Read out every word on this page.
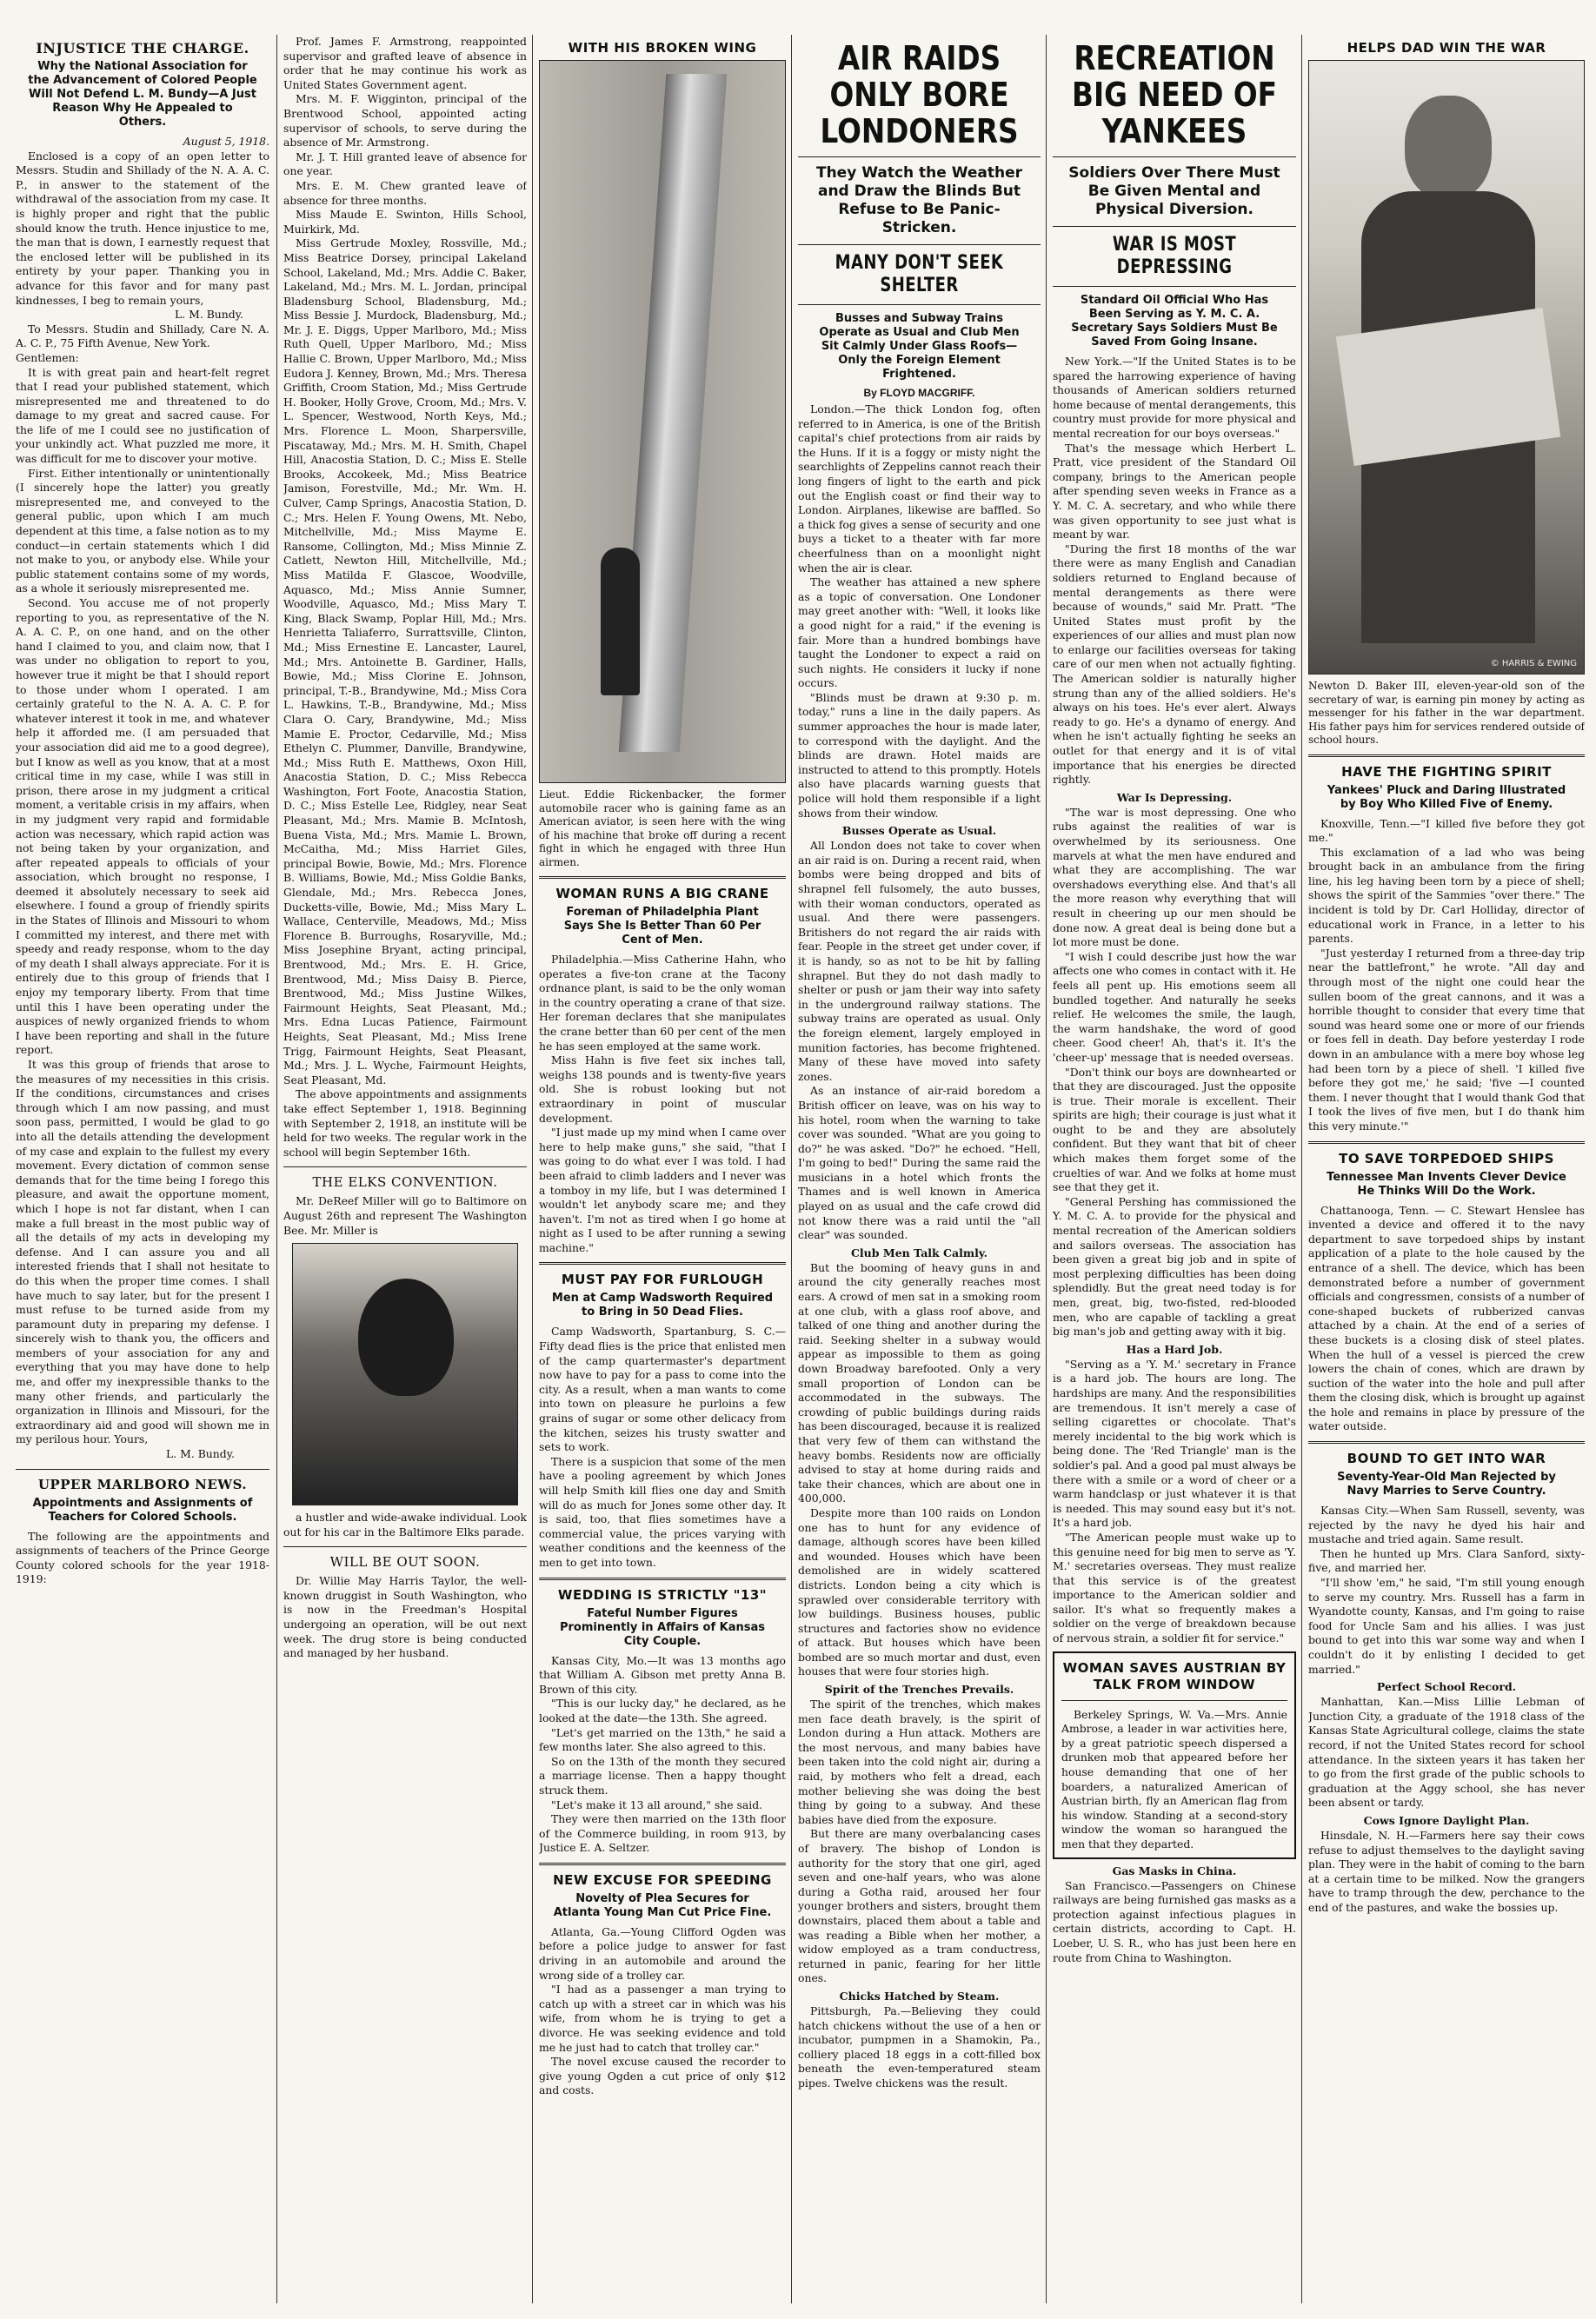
INJUSTICE THE CHARGE.
Why the National Association for the Advancement of Colored People Will Not Defend L. M. Bundy—A Just Reason Why He Appealed to Others.
August 5, 1918.

Enclosed is a copy of an open letter to Messrs. Studin and Shillady of the N. A. A. C. P., in answer to the statement of the withdrawal of the association from my case. It is highly proper and right that the public should know the truth. Hence injustice to me, the man that is down, I earnestly request that the enclosed letter will be published in its entirety by your paper. Thanking you in advance for this favor and for many past kindnesses, I beg to remain yours,

L. M. Bundy.

To Messrs. Studin and Shillady, Care N. A. A. C. P., 75 Fifth Avenue, New York.

Gentlemen:

It is with great pain and heart-felt regret that I read your published statement, which misrepresented me and threatened to do damage to my great and sacred cause. For the life of me I could see no justification of your unkindly act. What puzzled me more, it was difficult for me to discover your motive.

First. Either intentionally or unintentionally (I sincerely hope the latter) you greatly misrepresented me, and conveyed to the general public, upon which I am much dependent at this time, a false notion as to my conduct—in certain statements which I did not make to you, or anybody else. While your public statement contains some of my words, as a whole it seriously misrepresented me.

Second. You accuse me of not properly reporting to you, as representative of the N. A. A. C. P., on one hand, and on the other hand I claimed to you, and claim now, that I was under no obligation to report to you, however true it might be that I should report to those under whom I operated. I am certainly grateful to the N. A. A. C. P. for whatever interest it took in me, and whatever help it afforded me. (I am persuaded that your association did aid me to a good degree), but I know as well as you know, that at a most critical time in my case, while I was still in prison, there arose in my judgment a critical moment, a veritable crisis in my affairs, when in my judgment very rapid and formidable action was necessary, which rapid action was not being taken by your organization, and after repeated appeals to officials of your association, which brought no response, I deemed it absolutely necessary to seek aid elsewhere. I found a group of friendly spirits in the States of Illinois and Missouri to whom I committed my interest, and there met with speedy and ready response, whom to the day of my death I shall always appreciate. For it is entirely due to this group of friends that I enjoy my temporary liberty. From that time until this I have been operating under the auspices of newly organized friends to whom I have been reporting and shall in the future report.

It was this group of friends that arose to the measures of my necessities in this crisis. If the conditions, circumstances and crises through which I am now passing, and must soon pass, permitted, I would be glad to go into all the details attending the development of my case and explain to the fullest my every movement. Every dictation of common sense demands that for the time being I forego this pleasure, and await the opportune moment, which I hope is not far distant, when I can make a full breast in the most public way of all the details of my acts in developing my defense. And I can assure you and all interested friends that I shall not hesitate to do this when the proper time comes. I shall have much to say later, but for the present I must refuse to be turned aside from my paramount duty in preparing my defense. I sincerely wish to thank you, the officers and members of your association for any and everything that you may have done to help me, and offer my inexpressible thanks to the many other friends, and particularly the organization in Illinois and Missouri, for the extraordinary aid and good will shown me in my perilous hour. Yours,

L. M. Bundy.
UPPER MARLBORO NEWS.
Appointments and Assignments of Teachers for Colored Schools.

The following are the appointments and assignments of teachers of the Prince George County colored schools for the year 1918-1919:

Prof. James F. Armstrong, reappointed supervisor and grafted leave of absence in order that he may continue his work as United States Government agent.

Mrs. M. F. Wigginton, principal of the Brentwood School, appointed acting supervisor of schools, to serve during the absence of Mr. Armstrong.

Mr. J. T. Hill granted leave of absence for one year.

Mrs. E. M. Chew granted leave of absence for three months.

Miss Maude E. Swinton, Hills School, Muirkirk, Md.

Miss Gertrude Moxley, Rossville, Md.; Miss Beatrice Dorsey, principal Lakeland School, Lakeland, Md.; Mrs. Addie C. Baker, Lakeland, Md.; Mrs. M. L. Jordan, principal Bladensburg School, Bladensburg, Md.; Miss Bessie J. Murdock, Bladensburg, Md.; Mr. J. E. Diggs, Upper Marlboro, Md.; Miss Ruth Quell, Upper Marlboro, Md.; Miss Hallie C. Brown, Upper Marlboro, Md.; Miss Eudora J. Kenney, Brown, Md.; Mrs. Theresa Griffith, Croom Station, Md.; Miss Gertrude H. Booker, Holly Grove, Croom, Md.; Mrs. V. L. Spencer, Westwood, North Keys, Md.; Mrs. Florence L. Moon, Sharpersville, Piscataway, Md.; Mrs. M. H. Smith, Chapel Hill, Anacostia Station, D. C.; Miss E. Stelle Brooks, Accokeek, Md.; Miss Beatrice Jamison, Forestville, Md.; Mr. Wm. H. Culver, Camp Springs, Anacostia Station, D. C.; Mrs. Helen F. Young Owens, Mt. Nebo, Mitchellville, Md.; Miss Mayme E. Ransome, Collington, Md.; Miss Minnie Z. Catlett, Newton Hill, Mitchellville, Md.; Miss Matilda F. Glascoe, Woodville, Aquasco, Md.; Miss Annie Sumner, Woodville, Aquasco, Md.; Miss Mary T. King, Black Swamp, Poplar Hill, Md.; Mrs. Henrietta Taliaferro, Surrattsville, Clinton, Md.; Miss Ernestine E. Lancaster, Laurel, Md.; Mrs. Antoinette B. Gardiner, Halls, Bowie, Md.; Miss Clorine E. Johnson, principal, T.-B., Brandywine, Md.; Miss Cora L. Hawkins, T.-B., Brandywine, Md.; Miss Clara O. Cary, Brandywine, Md.; Miss Mamie E. Proctor, Cedarville, Md.; Miss Ethelyn C. Plummer, Danville, Brandywine, Md.; Miss Ruth E. Matthews, Oxon Hill, Anacostia Station, D. C.; Miss Rebecca Washington, Fort Foote, Anacostia Station, D. C.; Miss Estelle Lee, Ridgley, near Seat Pleasant, Md.; Mrs. Mamie B. McIntosh, Buena Vista, Md.; Mrs. Mamie L. Brown, McCaitha, Md.; Miss Harriet Giles, principal Bowie, Bowie, Md.; Mrs. Florence B. Williams, Bowie, Md.; Miss Goldie Banks, Glendale, Md.; Mrs. Rebecca Jones, Ducketts-ville, Bowie, Md.; Miss Mary L. Wallace, Centerville, Meadows, Md.; Miss Florence B. Burroughs, Rosaryville, Md.; Miss Josephine Bryant, acting principal, Brentwood, Md.; Mrs. E. H. Grice, Brentwood, Md.; Miss Daisy B. Pierce, Brentwood, Md.; Miss Justine Wilkes, Fairmount Heights, Seat Pleasant, Md.; Mrs. Edna Lucas Patience, Fairmount Heights, Seat Pleasant, Md.; Miss Irene Trigg, Fairmount Heights, Seat Pleasant, Md.; Mrs. J. L. Wyche, Fairmount Heights, Seat Pleasant, Md.

The above appointments and assignments take effect September 1, 1918. Beginning with September 2, 1918, an institute will be held for two weeks. The regular work in the school will begin September 16th.

THE ELKS CONVENTION.

Mr. DeReef Miller will go to Baltimore on August 26th and represent The Washington Bee. Mr. Miller is

a hustler and wide-awake individual. Look out for his car in the Baltimore Elks parade.

WILL BE OUT SOON.

Dr. Willie May Harris Taylor, the well-known druggist in South Washington, who is now in the Freedman's Hospital undergoing an operation, will be out next week. The drug store is being conducted and managed by her husband.

WITH HIS BROKEN WING
Lieut. Eddie Rickenbacker, the former automobile racer who is gaining fame as an American aviator, is seen here with the wing of his machine that broke off during a recent fight in which he engaged with three Hun airmen.
WOMAN RUNS A BIG CRANE
Foreman of Philadelphia Plant Says She Is Better Than 60 Per Cent of Men.

Philadelphia.—Miss Catherine Hahn, who operates a five-ton crane at the Tacony ordnance plant, is said to be the only woman in the country operating a crane of that size. Her foreman declares that she manipulates the crane better than 60 per cent of the men he has seen employed at the same work.

Miss Hahn is five feet six inches tall, weighs 138 pounds and is twenty-five years old. She is robust looking but not extraordinary in point of muscular development.

"I just made up my mind when I came over here to help make guns," she said, "that I was going to do what ever I was told. I had been afraid to climb ladders and I never was a tomboy in my life, but I was determined I wouldn't let anybody scare me; and they haven't. I'm not as tired when I go home at night as I used to be after running a sewing machine."

MUST PAY FOR FURLOUGH
Men at Camp Wadsworth Required to Bring in 50 Dead Flies.

Camp Wadsworth, Spartanburg, S. C.—Fifty dead flies is the price that enlisted men of the camp quartermaster's department now have to pay for a pass to come into the city. As a result, when a man wants to come into town on pleasure he purloins a few grains of sugar or some other delicacy from the kitchen, seizes his trusty swatter and sets to work.

There is a suspicion that some of the men have a pooling agreement by which Jones will help Smith kill flies one day and Smith will do as much for Jones some other day. It is said, too, that flies sometimes have a commercial value, the prices varying with weather conditions and the keenness of the men to get into town.

WEDDING IS STRICTLY "13"
Fateful Number Figures Prominently in Affairs of Kansas City Couple.

Kansas City, Mo.—It was 13 months ago that William A. Gibson met pretty Anna B. Brown of this city.

"This is our lucky day," he declared, as he looked at the date—the 13th. She agreed.

"Let's get married on the 13th," he said a few months later. She also agreed to this.

So on the 13th of the month they secured a marriage license. Then a happy thought struck them.

"Let's make it 13 all around," she said.

They were then married on the 13th floor of the Commerce building, in room 913, by Justice E. A. Seltzer.

NEW EXCUSE FOR SPEEDING
Novelty of Plea Secures for Atlanta Young Man Cut Price Fine.

Atlanta, Ga.—Young Clifford Ogden was before a police judge to answer for fast driving in an automobile and around the wrong side of a trolley car.

"I had as a passenger a man trying to catch up with a street car in which was his wife, from whom he is trying to get a divorce. He was seeking evidence and told me he just had to catch that trolley car."

The novel excuse caused the recorder to give young Ogden a cut price of only $12 and costs.

AIR RAIDS ONLY BORE LONDONERS
They Watch the Weather and Draw the Blinds But Refuse to Be Panic-Stricken.
MANY DON'T SEEK SHELTER
Busses and Subway Trains Operate as Usual and Club Men Sit Calmly Under Glass Roofs—Only the Foreign Element Frightened.
By FLOYD MACGRIFF.

London.—The thick London fog, often referred to in America, is one of the British capital's chief protections from air raids by the Huns. If it is a foggy or misty night the searchlights of Zeppelins cannot reach their long fingers of light to the earth and pick out the English coast or find their way to London. Airplanes, likewise are baffled. So a thick fog gives a sense of security and one buys a ticket to a theater with far more cheerfulness than on a moonlight night when the air is clear.

The weather has attained a new sphere as a topic of conversation. One Londoner may greet another with: "Well, it looks like a good night for a raid," if the evening is fair. More than a hundred bombings have taught the Londoner to expect a raid on such nights. He considers it lucky if none occurs.

"Blinds must be drawn at 9:30 p. m. today," runs a line in the daily papers. As summer approaches the hour is made later, to correspond with the daylight. And the blinds are drawn. Hotel maids are instructed to attend to this promptly. Hotels also have placards warning guests that police will hold them responsible if a light shows from their window.

Busses Operate as Usual.

All London does not take to cover when an air raid is on. During a recent raid, when bombs were being dropped and bits of shrapnel fell fulsomely, the auto busses, with their woman conductors, operated as usual. And there were passengers. Britishers do not regard the air raids with fear. People in the street get under cover, if it is handy, so as not to be hit by falling shrapnel. But they do not dash madly to shelter or push or jam their way into safety in the underground railway stations. The subway trains are operated as usual. Only the foreign element, largely employed in munition factories, has become frightened. Many of these have moved into safety zones.

As an instance of air-raid boredom a British officer on leave, was on his way to his hotel, room when the warning to take cover was sounded. "What are you going to do?" he was asked. "Do?" he echoed. "Hell, I'm going to bed!" During the same raid the musicians in a hotel which fronts the Thames and is well known in America played on as usual and the cafe crowd did not know there was a raid until the "all clear" was sounded.

Club Men Talk Calmly.

But the booming of heavy guns in and around the city generally reaches most ears. A crowd of men sat in a smoking room at one club, with a glass roof above, and talked of one thing and another during the raid. Seeking shelter in a subway would appear as impossible to them as going down Broadway barefooted. Only a very small proportion of London can be accommodated in the subways. The crowding of public buildings during raids has been discouraged, because it is realized that very few of them can withstand the heavy bombs. Residents now are officially advised to stay at home during raids and take their chances, which are about one in 400,000.

Despite more than 100 raids on London one has to hunt for any evidence of damage, although scores have been killed and wounded. Houses which have been demolished are in widely scattered districts. London being a city which is sprawled over considerable territory with low buildings. Business houses, public structures and factories show no evidence of attack. But houses which have been bombed are so much mortar and dust, even houses that were four stories high.

Spirit of the Trenches Prevails.

The spirit of the trenches, which makes men face death bravely, is the spirit of London during a Hun attack. Mothers are the most nervous, and many babies have been taken into the cold night air, during a raid, by mothers who felt a dread, each mother believing she was doing the best thing by going to a subway. And these babies have died from the exposure.

But there are many overbalancing cases of bravery. The bishop of London is authority for the story that one girl, aged seven and one-half years, who was alone during a Gotha raid, aroused her four younger brothers and sisters, brought them downstairs, placed them about a table and was reading a Bible when her mother, a widow employed as a tram conductress, returned in panic, fearing for her little ones.

Chicks Hatched by Steam.

Pittsburgh, Pa.—Believing they could hatch chickens without the use of a hen or incubator, pumpmen in a Shamokin, Pa., colliery placed 18 eggs in a cott-filled box beneath the even-temperatured steam pipes. Twelve chickens was the result.

RECREATION BIG NEED OF YANKEES
Soldiers Over There Must Be Given Mental and Physical Diversion.
WAR IS MOST DEPRESSING
Standard Oil Official Who Has Been Serving as Y. M. C. A. Secretary Says Soldiers Must Be Saved From Going Insane.

New York.—"If the United States is to be spared the harrowing experience of having thousands of American soldiers returned home because of mental derangements, this country must provide for more physical and mental recreation for our boys overseas."

That's the message which Herbert L. Pratt, vice president of the Standard Oil company, brings to the American people after spending seven weeks in France as a Y. M. C. A. secretary, and who while there was given opportunity to see just what is meant by war.

"During the first 18 months of the war there were as many English and Canadian soldiers returned to England because of mental derangements as there were because of wounds," said Mr. Pratt. "The United States must profit by the experiences of our allies and must plan now to enlarge our facilities overseas for taking care of our men when not actually fighting. The American soldier is naturally higher strung than any of the allied soldiers. He's always on his toes. He's ever alert. Always ready to go. He's a dynamo of energy. And when he isn't actually fighting he seeks an outlet for that energy and it is of vital importance that his energies be directed rightly.

War Is Depressing.

"The war is most depressing. One who rubs against the realities of war is overwhelmed by its seriousness. One marvels at what the men have endured and what they are accomplishing. The war overshadows everything else. And that's all the more reason why everything that will result in cheering up our men should be done now. A great deal is being done but a lot more must be done.

"I wish I could describe just how the war affects one who comes in contact with it. He feels all pent up. His emotions seem all bundled together. And naturally he seeks relief. He welcomes the smile, the laugh, the warm handshake, the word of good cheer. Good cheer! Ah, that's it. It's the 'cheer-up' message that is needed overseas.

"Don't think our boys are downhearted or that they are discouraged. Just the opposite is true. Their morale is excellent. Their spirits are high; their courage is just what it ought to be and they are absolutely confident. But they want that bit of cheer which makes them forget some of the cruelties of war. And we folks at home must see that they get it.

"General Pershing has commissioned the Y. M. C. A. to provide for the physical and mental recreation of the American soldiers and sailors overseas. The association has been given a great big job and in spite of most perplexing difficulties has been doing splendidly. But the great need today is for men, great, big, two-fisted, red-blooded men, who are capable of tackling a great big man's job and getting away with it big.

Has a Hard Job.

"Serving as a 'Y. M.' secretary in France is a hard job. The hours are long. The hardships are many. And the responsibilities are tremendous. It isn't merely a case of selling cigarettes or chocolate. That's merely incidental to the big work which is being done. The 'Red Triangle' man is the soldier's pal. And a good pal must always be there with a smile or a word of cheer or a warm handclasp or just whatever it is that is needed. This may sound easy but it's not. It's a hard job.

"The American people must wake up to this genuine need for big men to serve as 'Y. M.' secretaries overseas. They must realize that this service is of the greatest importance to the American soldier and sailor. It's what so frequently makes a soldier on the verge of breakdown because of nervous strain, a soldier fit for service."

WOMAN SAVES AUSTRIAN BY TALK FROM WINDOW

Berkeley Springs, W. Va.—Mrs. Annie Ambrose, a leader in war activities here, by a great patriotic speech dispersed a drunken mob that appeared before her house demanding that one of her boarders, a naturalized American of Austrian birth, fly an American flag from his window. Standing at a second-story window the woman so harangued the men that they departed.

Gas Masks in China.

San Francisco.—Passengers on Chinese railways are being furnished gas masks as a protection against infectious plagues in certain districts, according to Capt. H. Loeber, U. S. R., who has just been here en route from China to Washington.

HELPS DAD WIN THE WAR
© HARRIS & EWING
Newton D. Baker III, eleven-year-old son of the secretary of war, is earning pin money by acting as messenger for his father in the war department. His father pays him for services rendered outside of school hours.
HAVE THE FIGHTING SPIRIT
Yankees' Pluck and Daring Illustrated by Boy Who Killed Five of Enemy.

Knoxville, Tenn.—"I killed five before they got me."

This exclamation of a lad who was being brought back in an ambulance from the firing line, his leg having been torn by a piece of shell; shows the spirit of the Sammies "over there." The incident is told by Dr. Carl Holliday, director of educational work in France, in a letter to his parents.

"Just yesterday I returned from a three-day trip near the battlefront," he wrote. "All day and through most of the night one could hear the sullen boom of the great cannons, and it was a horrible thought to consider that every time that sound was heard some one or more of our friends or foes fell in death. Day before yesterday I rode down in an ambulance with a mere boy whose leg had been torn by a piece of shell. 'I killed five before they got me,' he said; 'five —I counted them. I never thought that I would thank God that I took the lives of five men, but I do thank him this very minute.'"

TO SAVE TORPEDOED SHIPS
Tennessee Man Invents Clever Device He Thinks Will Do the Work.

Chattanooga, Tenn. — C. Stewart Henslee has invented a device and offered it to the navy department to save torpedoed ships by instant application of a plate to the hole caused by the entrance of a shell. The device, which has been demonstrated before a number of government officials and congressmen, consists of a number of cone-shaped buckets of rubberized canvas attached by a chain. At the end of a series of these buckets is a closing disk of steel plates. When the hull of a vessel is pierced the crew lowers the chain of cones, which are drawn by suction of the water into the hole and pull after them the closing disk, which is brought up against the hole and remains in place by pressure of the water outside.

BOUND TO GET INTO WAR
Seventy-Year-Old Man Rejected by Navy Marries to Serve Country.

Kansas City.—When Sam Russell, seventy, was rejected by the navy he dyed his hair and mustache and tried again. Same result.

Then he hunted up Mrs. Clara Sanford, sixty-five, and married her.

"I'll show 'em," he said, "I'm still young enough to serve my country. Mrs. Russell has a farm in Wyandotte county, Kansas, and I'm going to raise food for Uncle Sam and his allies. I was just bound to get into this war some way and when I couldn't do it by enlisting I decided to get married."

Perfect School Record.

Manhattan, Kan.—Miss Lillie Lebman of Junction City, a graduate of the 1918 class of the Kansas State Agricultural college, claims the state record, if not the United States record for school attendance. In the sixteen years it has taken her to go from the first grade of the public schools to graduation at the Aggy school, she has never been absent or tardy.

Cows Ignore Daylight Plan.

Hinsdale, N. H.—Farmers here say their cows refuse to adjust themselves to the daylight saving plan. They were in the habit of coming to the barn at a certain time to be milked. Now the grangers have to tramp through the dew, perchance to the end of the pastures, and wake the bossies up.
